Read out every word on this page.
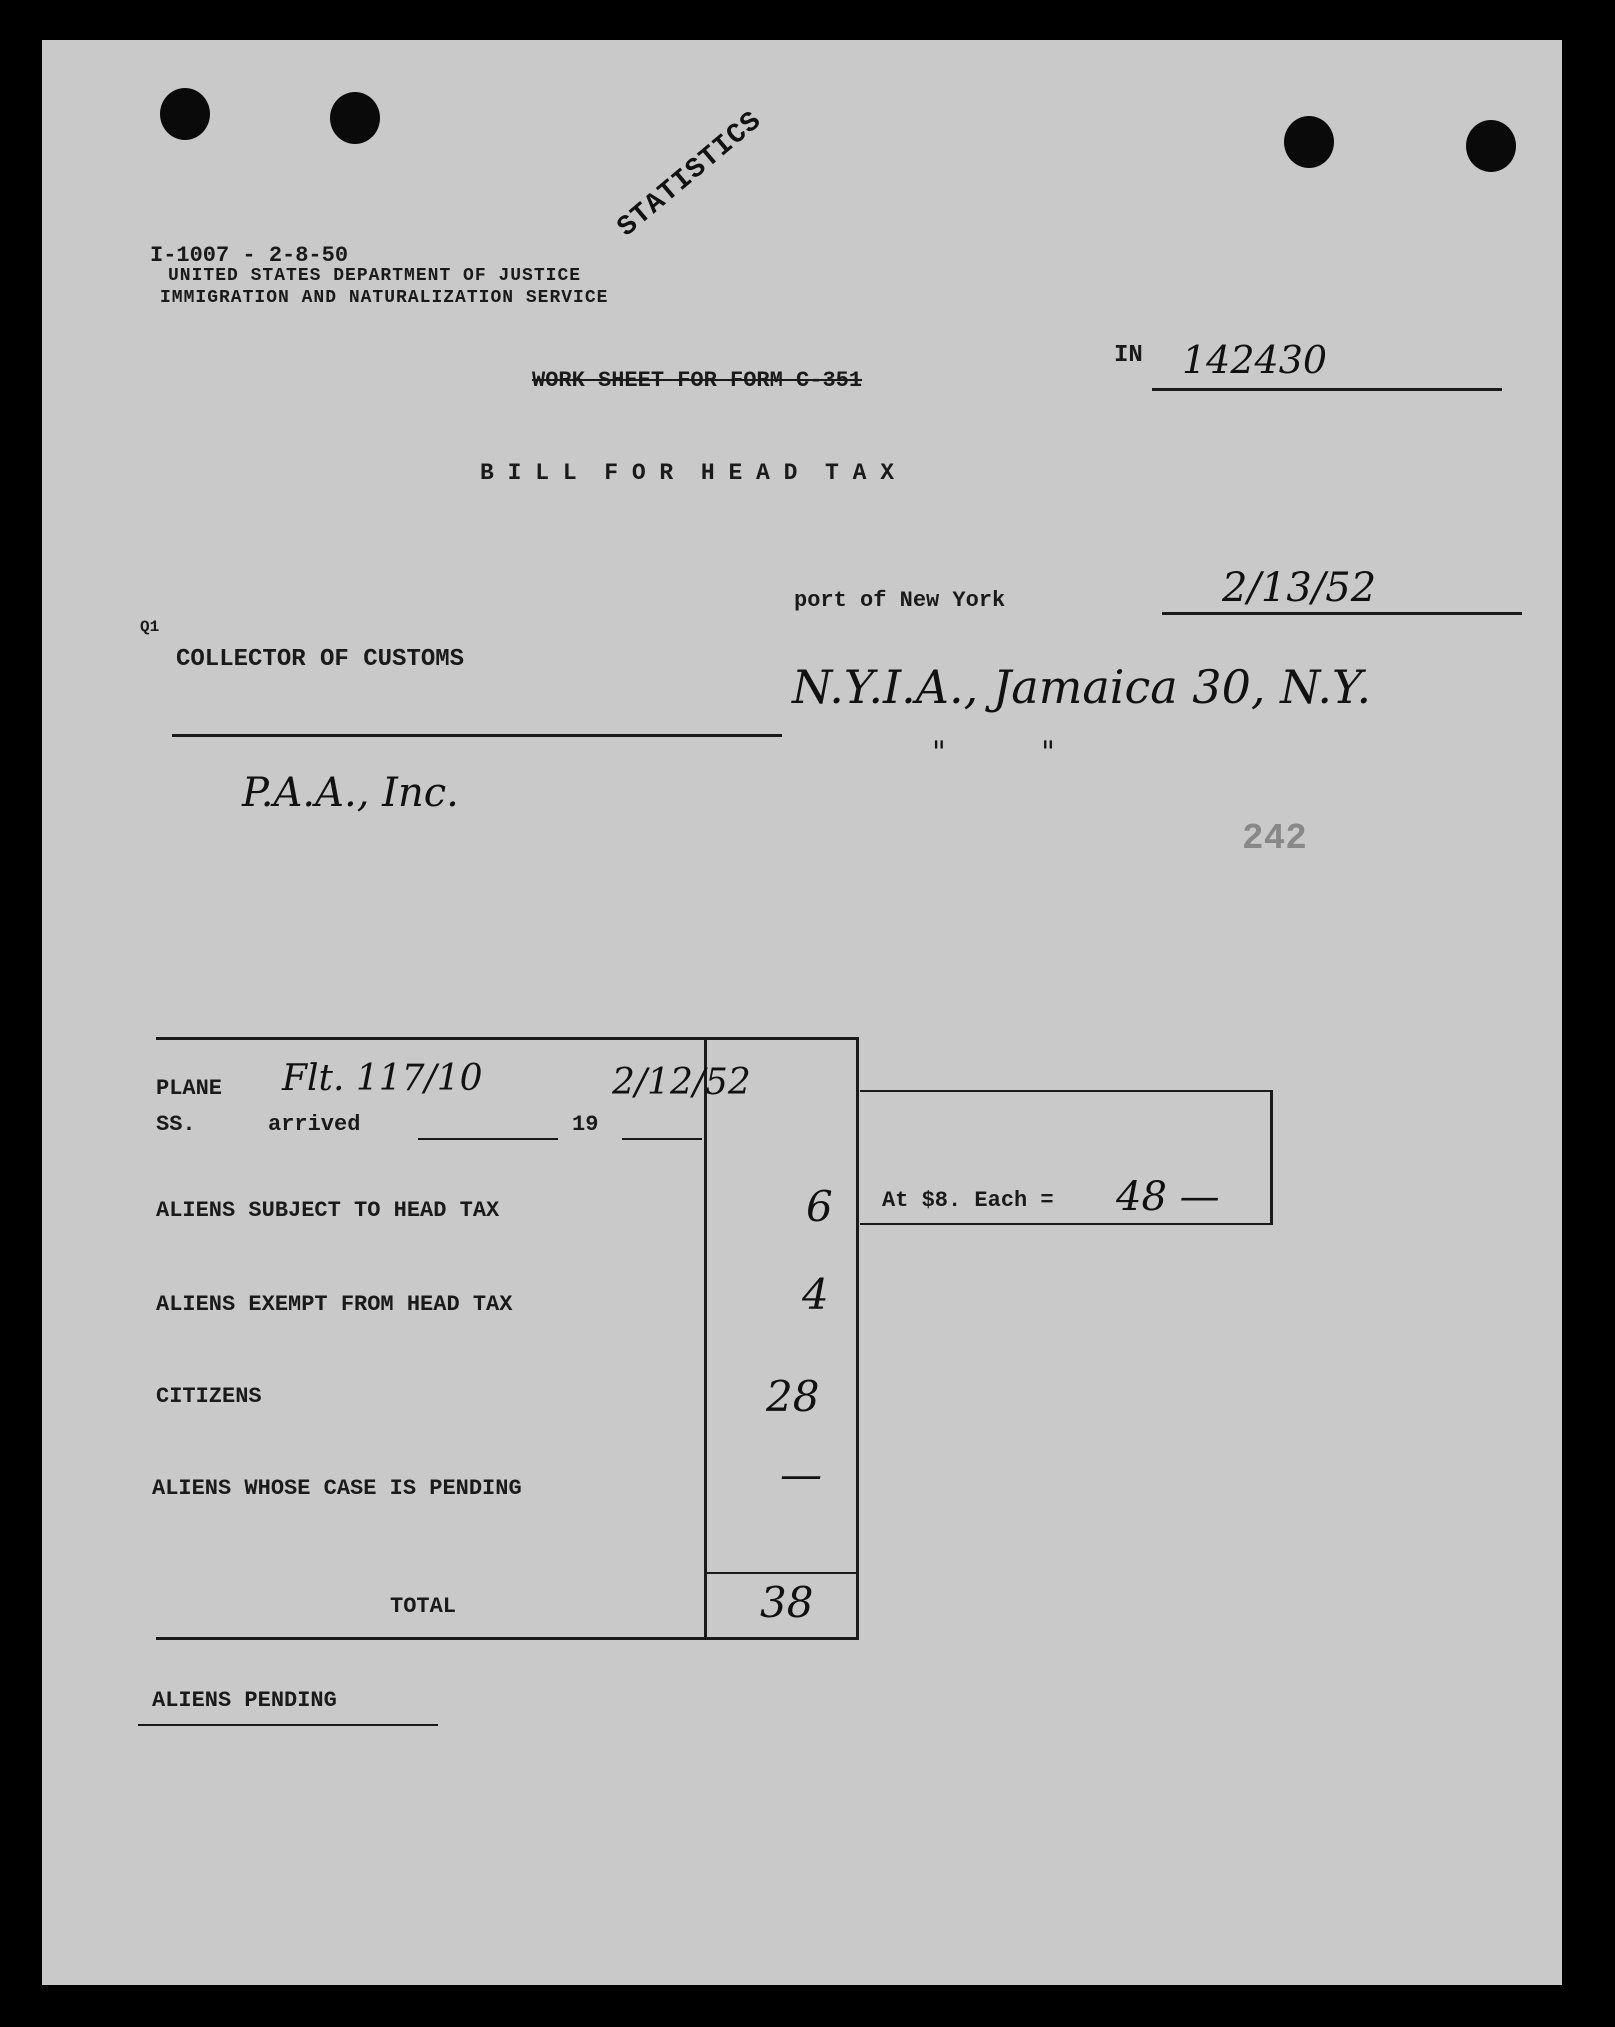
I-1007 - 2-8-50
UNITED STATES DEPARTMENT OF JUSTICE
IMMIGRATION AND NATURALIZATION SERVICE
STATISTICS
IN 142430
WORK SHEET FOR FORM C-351
B I L L  F O R  H E A D  T A X
port of New York	2/13/52
Q1
COLLECTOR OF CUSTOMS
N.Y.I.A., Jamaica 30, N.Y.
"          "
P.A.A., Inc.
242
PLANE
SS.	arrived	19
Flt. 117/10	2/12/52
ALIENS SUBJECT TO HEAD TAX	6
ALIENS EXEMPT FROM HEAD TAX	4
CITIZENS	28
ALIENS WHOSE CASE IS PENDING	—
TOTAL	38
At $8. Each = 48 —
ALIENS PENDING
